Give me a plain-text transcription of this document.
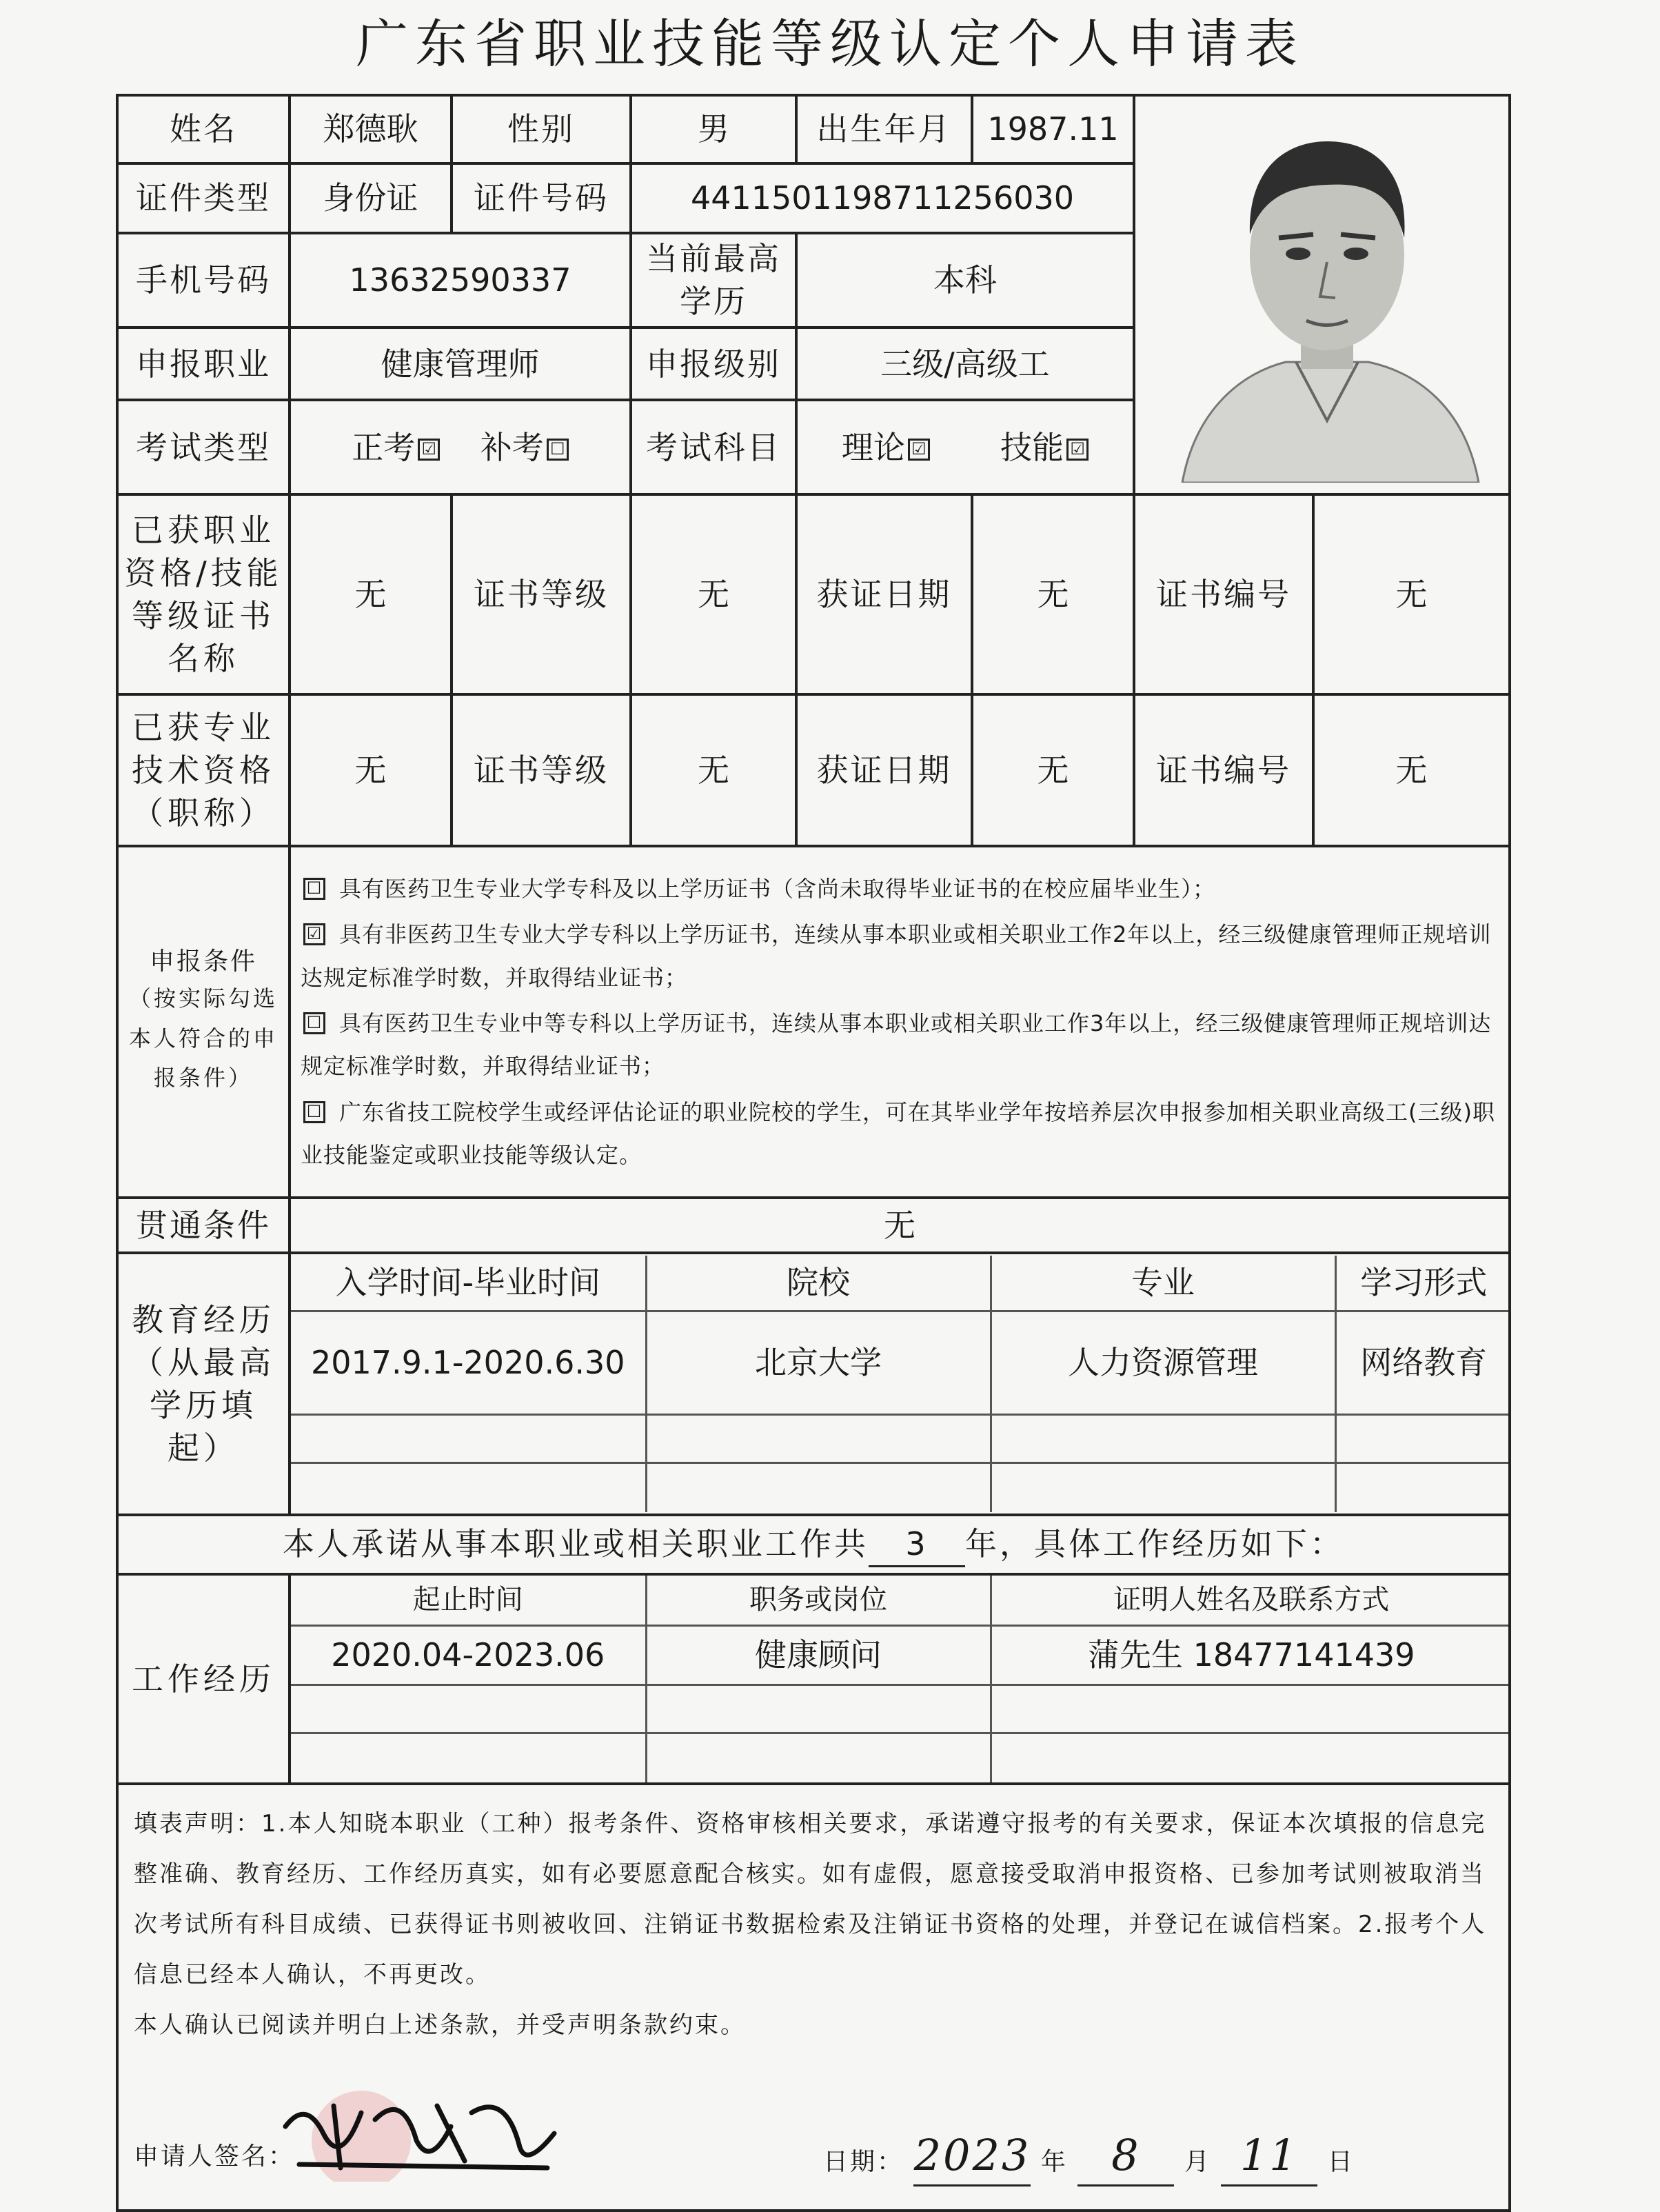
广东省职业技能等级认定个人申请表
姓名	郑德耿	性别	男	出生年月	1987.11	
证件类型	身份证	证件号码	441150119871125603​0
手机号码	13632590337	当前最高学历	本科
申报职业	健康管理师	申报级别	三级/高级工
考试类型	正考 ☑ 补考 ☐	考试科目	理论 ☑ 技能 ☑
已获职业资格/技能等级证书名称	无	证书等级	无	获证日期	无	证书编号	无
已获专业技术资格（职称）	无	证书等级	无	获证日期	无	证书编号	无

申报条件
（按实际勾选本人符合的申报条件）

☐ 具有医药卫生专业大学专科及以上学历证书（含尚未取得毕业证书的在校应届毕业生）；

☑ 具有非医药卫生专业大学专科以上学历证书，连续从事本职业或相关职业工作2年以上，经三级健康管理师正规培训达规定标准学时数，并取得结业证书；

☐ 具有医药卫生专业中等专科以上学历证书，连续从事本职业或相关职业工作3年以上，经三级健康管理师正规培训达规定标准学时数，并取得结业证书；

☐ 广东省技工院校学生或经评估论证的职业院校的学生，可在其毕业学年按培养层次申报参加相关职业高级工(三级)职业技能鉴定或职业技能等级认定。

贯通条件	无
教育经历（从最高学历填起）	
入学时间-毕业时间	院校	专业	学习形式
2017.9.1-2020.6.30	北京大学	人力资源管理	网络教育

本人承诺从事本职业或相关职业工作共 3 年，具体工作经历如下：
工作经历	
起止时间	职务或岗位	证明人姓名及联系方式
2020.04-2023.06	健康顾问	蒲先生 18477141439

填表声明：1.本人知晓本职业（工种）报考条件、资格审核相关要求，承诺遵守报考的有关要求，保证本次填报的信息完整准确、教育经历、工作经历真实，如有必要愿意配合核实。如有虚假，愿意接受取消申报资格、已参加考试则被取消当次考试所有科目成绩、已获得证书则被收回、注销证书数据检索及注销证书资格的处理，并登记在诚信档案。2.报考个人信息已经本人确认，不再更改。

本人确认已阅读并明白上述条款，并受声明条款约束。

申请人签名：	日期： 2023 年 8 月 11 日
